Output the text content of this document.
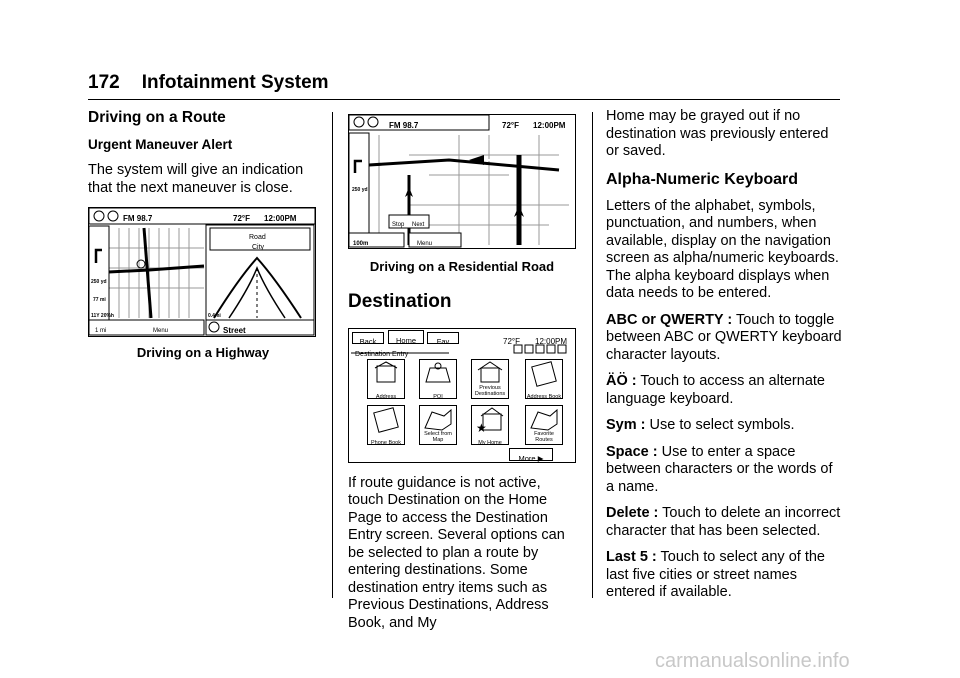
172 Infotainment System
Driving on a Route
Urgent Maneuver Alert

The system will give an indication that the next maneuver is close.

FM 98.7	72°F 12:00PM
Road
City
250 yd
77 mi
11Y 20%h
1 mi	Menu
0.4mi
Street
Driving on a Highway
FM 98.7	72°F 12:00PM
Stop Next
100m	Menu
250 yd
Driving on a Residential Road
Destination
Back	Home	Fav	72°F 12:00PM
Destination Entry
Address	POI
Previous Destinations	Address Book
Phone Book
Select from Map
★
My Home
Favorite Routes
More ▶

If route guidance is not active, touch Destination on the Home Page to access the Destination Entry screen. Several options can be selected to plan a route by entering destinations. Some destination entry items such as Previous Destinations, Address Book, and My

Home may be grayed out if no destination was previously entered or saved.

Alpha-Numeric Keyboard

Letters of the alphabet, symbols, punctuation, and numbers, when available, display on the navigation screen as alpha/numeric keyboards. The alpha keyboard displays when data needs to be entered.

ABC or QWERTY : Touch to toggle between ABC or QWERTY keyboard character layouts.

ÄÖ : Touch to access an alternate language keyboard.

Sym : Use to select symbols.

Space : Use to enter a space between characters or the words of a name.

Delete : Touch to delete an incorrect character that has been selected.

Last 5 : Touch to select any of the last five cities or street names entered if available.

carmanualsonline.info
